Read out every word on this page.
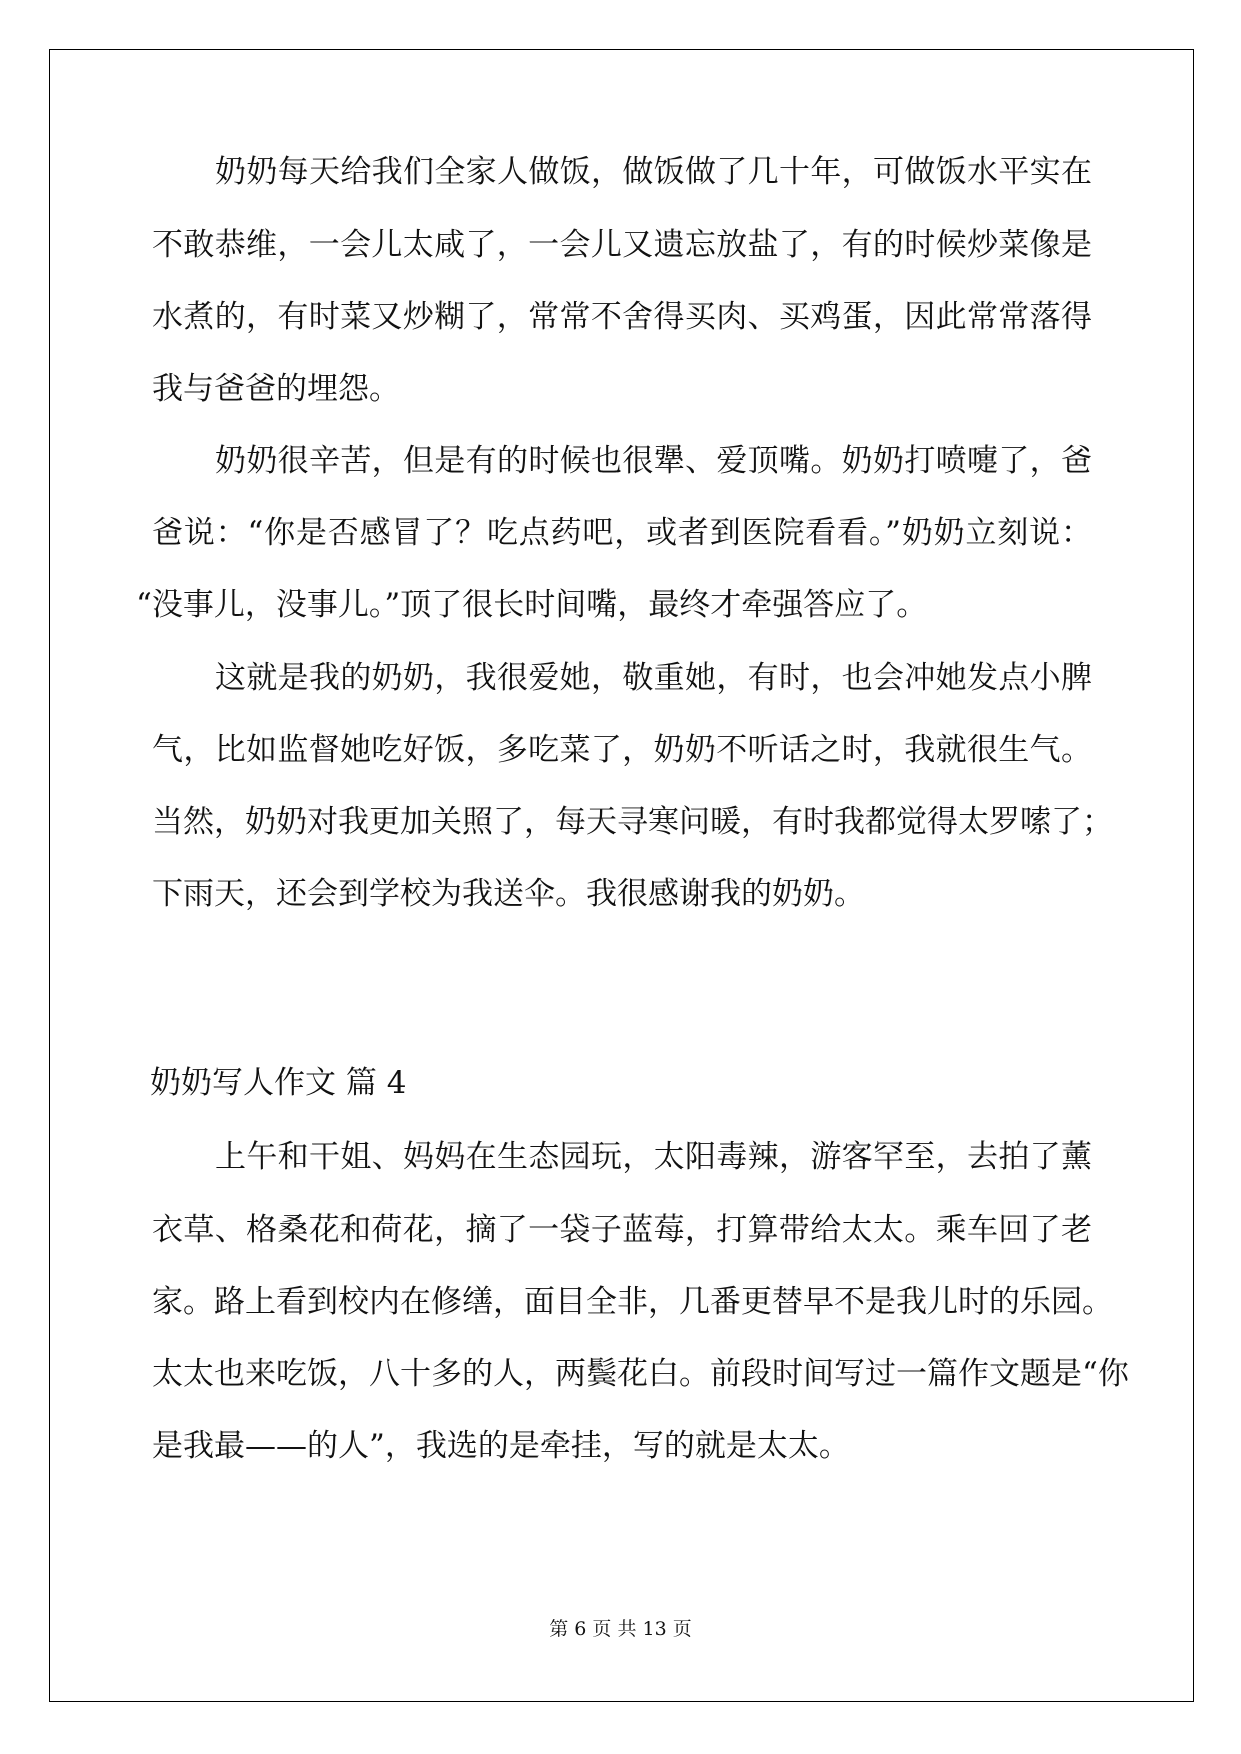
奶奶每天给我们全家人做饭，做饭做了几十年，可做饭水平实在

不敢恭维，一会儿太咸了，一会儿又遗忘放盐了，有的时候炒菜像是

水煮的，有时菜又炒糊了，常常不舍得买肉、买鸡蛋，因此常常落得

我与爸爸的埋怨。

奶奶很辛苦，但是有的时候也很犟、爱顶嘴。奶奶打喷嚏了，爸

爸说：“你是否感冒了？吃点药吧，或者到医院看看。”奶奶立刻说：

“没事儿，没事儿。”顶了很长时间嘴，最终才牵强答应了。

这就是我的奶奶，我很爱她，敬重她，有时，也会冲她发点小脾

气，比如监督她吃好饭，多吃菜了，奶奶不听话之时，我就很生气。

当然，奶奶对我更加关照了，每天寻寒问暖，有时我都觉得太罗嗦了；

下雨天，还会到学校为我送伞。我很感谢我的奶奶。

奶奶写人作文 篇 4

上午和干姐、妈妈在生态园玩，太阳毒辣，游客罕至，去拍了薰

衣草、格桑花和荷花，摘了一袋子蓝莓，打算带给太太。乘车回了老

家。路上看到校内在修缮，面目全非，几番更替早不是我儿时的乐园。

太太也来吃饭，八十多的人，两鬓花白。前段时间写过一篇作文题是“你

是我最——的人”，我选的是牵挂，写的就是太太。

第 6 页 共 13 页
